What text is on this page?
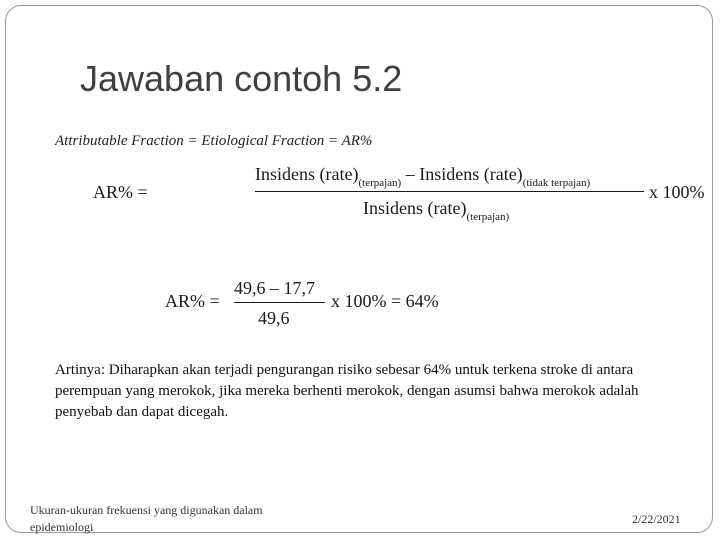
Jawaban contoh 5.2
Attributable Fraction = Etiological Fraction = AR%
AR% =
Insidens $(rate)_{(terpajan)}$ – Insidens $(rate)_{(tidak terpajan)}$
Insidens $(rate)_{(terpajan)}$
x 100%
AR% =
49,6 – 17,7
49,6
x 100% = 64%
Artinya: Diharapkan akan terjadi pengurangan risiko sebesar 64% untuk terkena stroke di antara perempuan yang merokok, jika mereka berhenti merokok, dengan asumsi bahwa merokok adalah penyebab dan dapat dicegah.
Ukuran-ukuran frekuensi yang digunakan dalam epidemiologi
2/22/2021
